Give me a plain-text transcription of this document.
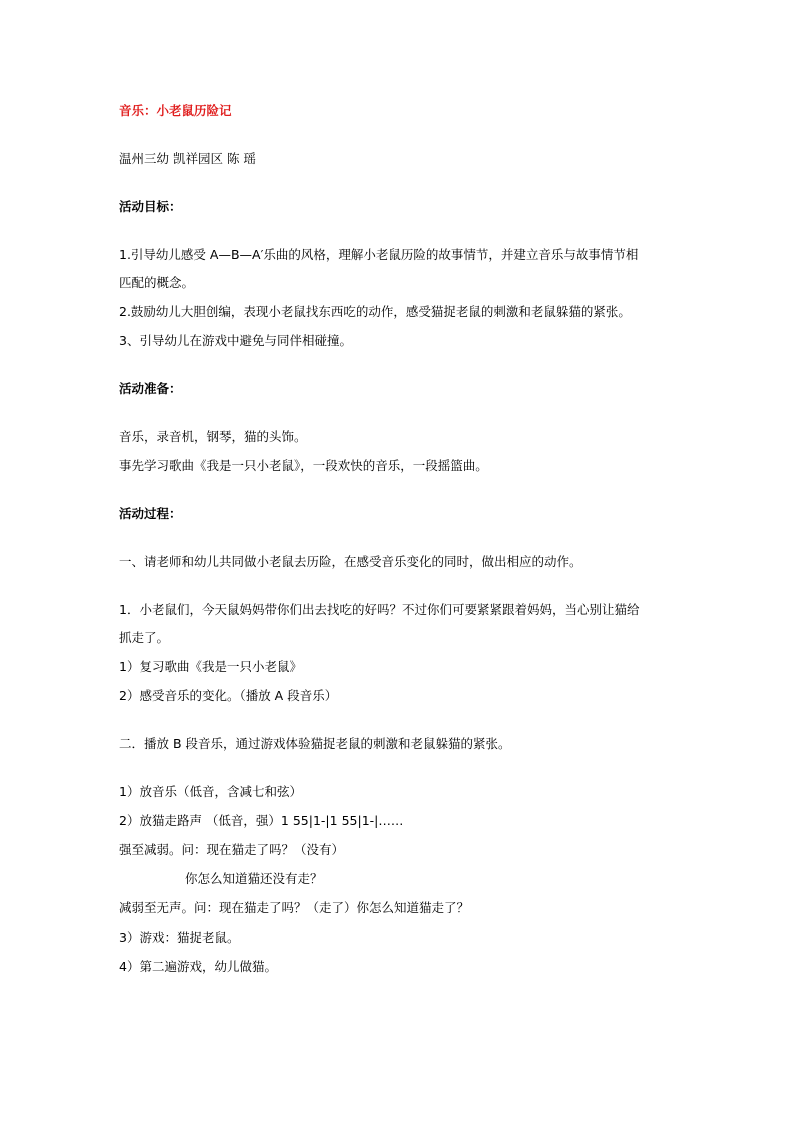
音乐：小老鼠历险记
温州三幼 凯祥园区 陈 瑶
活动目标：
1.引导幼儿感受 A—B—A′乐曲的风格，理解小老鼠历险的故事情节，并建立音乐与故事情节相
匹配的概念。
2.鼓励幼儿大胆创编，表现小老鼠找东西吃的动作，感受猫捉老鼠的刺激和老鼠躲猫的紧张。
3、引导幼儿在游戏中避免与同伴相碰撞。
活动准备：
音乐，录音机，钢琴，猫的头饰。
事先学习歌曲《我是一只小老鼠》，一段欢快的音乐，一段摇篮曲。
活动过程：
一、请老师和幼儿共同做小老鼠去历险，在感受音乐变化的同时，做出相应的动作。
1．小老鼠们，今天鼠妈妈带你们出去找吃的好吗？不过你们可要紧紧跟着妈妈，当心别让猫给
抓走了。
1）复习歌曲《我是一只小老鼠》
2）感受音乐的变化。（播放 A 段音乐）
二．播放 B 段音乐，通过游戏体验猫捉老鼠的刺激和老鼠躲猫的紧张。
1）放音乐（低音，含减七和弦）
2）放猫走路声 （低音，强）1 55|1-|1 55|1-|……
强至减弱。问：现在猫走了吗？（没有）
你怎么知道猫还没有走？
减弱至无声。问：现在猫走了吗？（走了）你怎么知道猫走了？
3）游戏：猫捉老鼠。
4）第二遍游戏，幼儿做猫。
